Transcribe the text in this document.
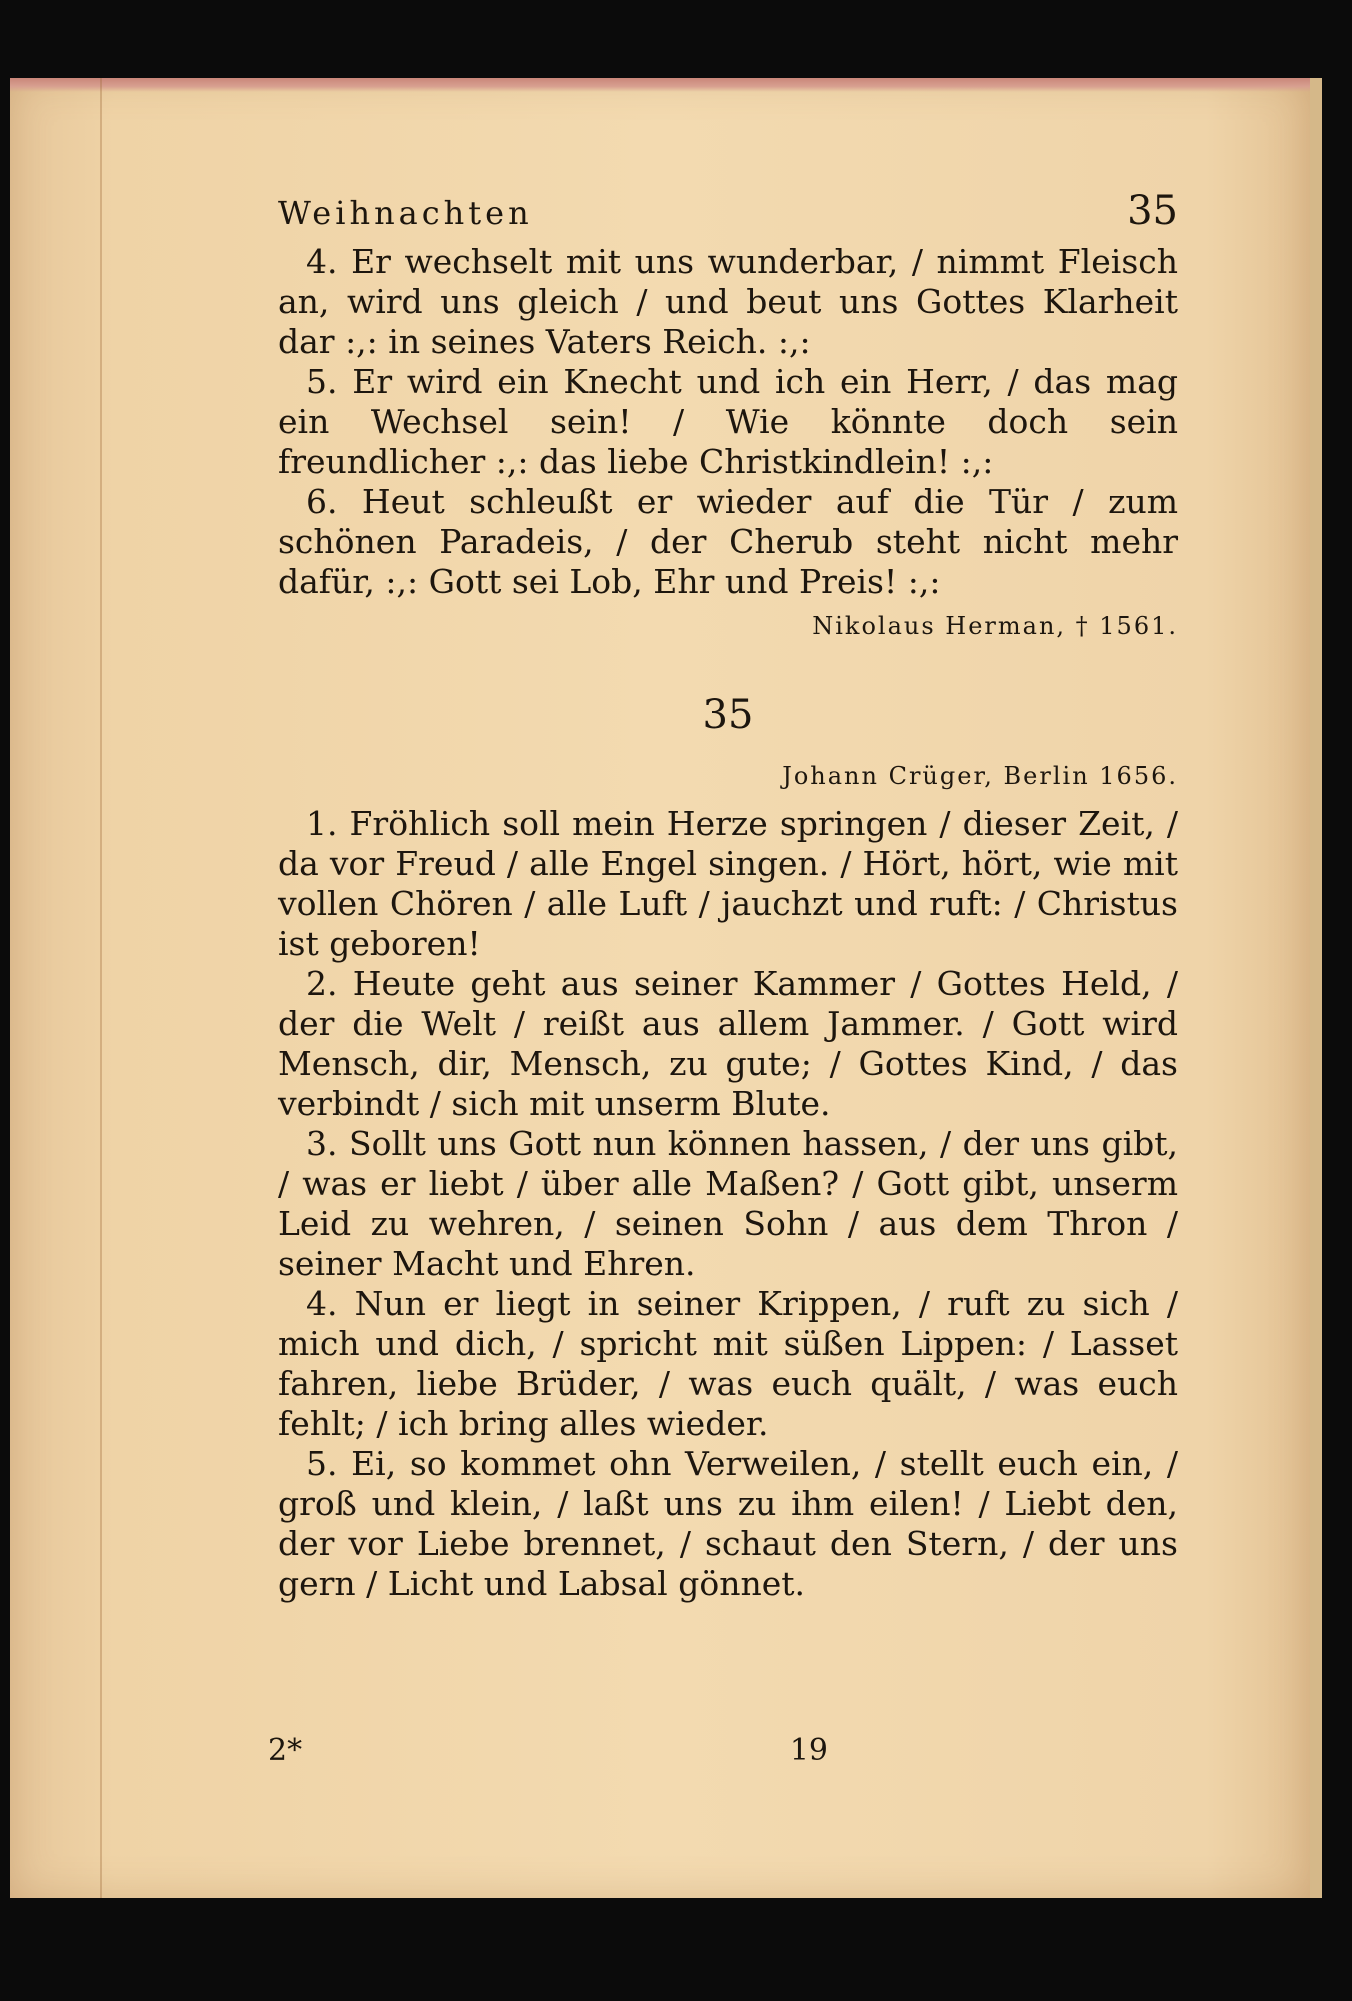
Weihnachten	35

4. Er wechselt mit uns wunderbar, / nimmt Fleisch an, wird uns gleich / und beut uns Gottes Klarheit dar :,: in seines Vaters Reich. :,:

5. Er wird ein Knecht und ich ein Herr, / das mag ein Wechsel sein! / Wie könnte doch sein freundlicher :,: das liebe Christkindlein! :,:

6. Heut schleußt er wieder auf die Tür / zum schönen Paradeis, / der Cherub steht nicht mehr dafür, :,: Gott sei Lob, Ehr und Preis! :,:

Nikolaus Herman, † 1561.
35
Johann Crüger, Berlin 1656.

1. Fröhlich soll mein Herze springen / dieser Zeit, / da vor Freud / alle Engel singen. / Hört, hört, wie mit vollen Chören / alle Luft / jauchzt und ruft: / Christus ist geboren!

2. Heute geht aus seiner Kammer / Gottes Held, / der die Welt / reißt aus allem Jammer. / Gott wird Mensch, dir, Mensch, zu gute; / Gottes Kind, / das verbindt / sich mit unserm Blute.

3. Sollt uns Gott nun können hassen, / der uns gibt, / was er liebt / über alle Maßen? / Gott gibt, unserm Leid zu wehren, / seinen Sohn / aus dem Thron / seiner Macht und Ehren.

4. Nun er liegt in seiner Krippen, / ruft zu sich / mich und dich, / spricht mit süßen Lippen: / Lasset fahren, liebe Brüder, / was euch quält, / was euch fehlt; / ich bring alles wieder.

5. Ei, so kommet ohn Verweilen, / stellt euch ein, / groß und klein, / laßt uns zu ihm eilen! / Liebt den, der vor Liebe brennet, / schaut den Stern, / der uns gern / Licht und Labsal gönnet.

2*	19
